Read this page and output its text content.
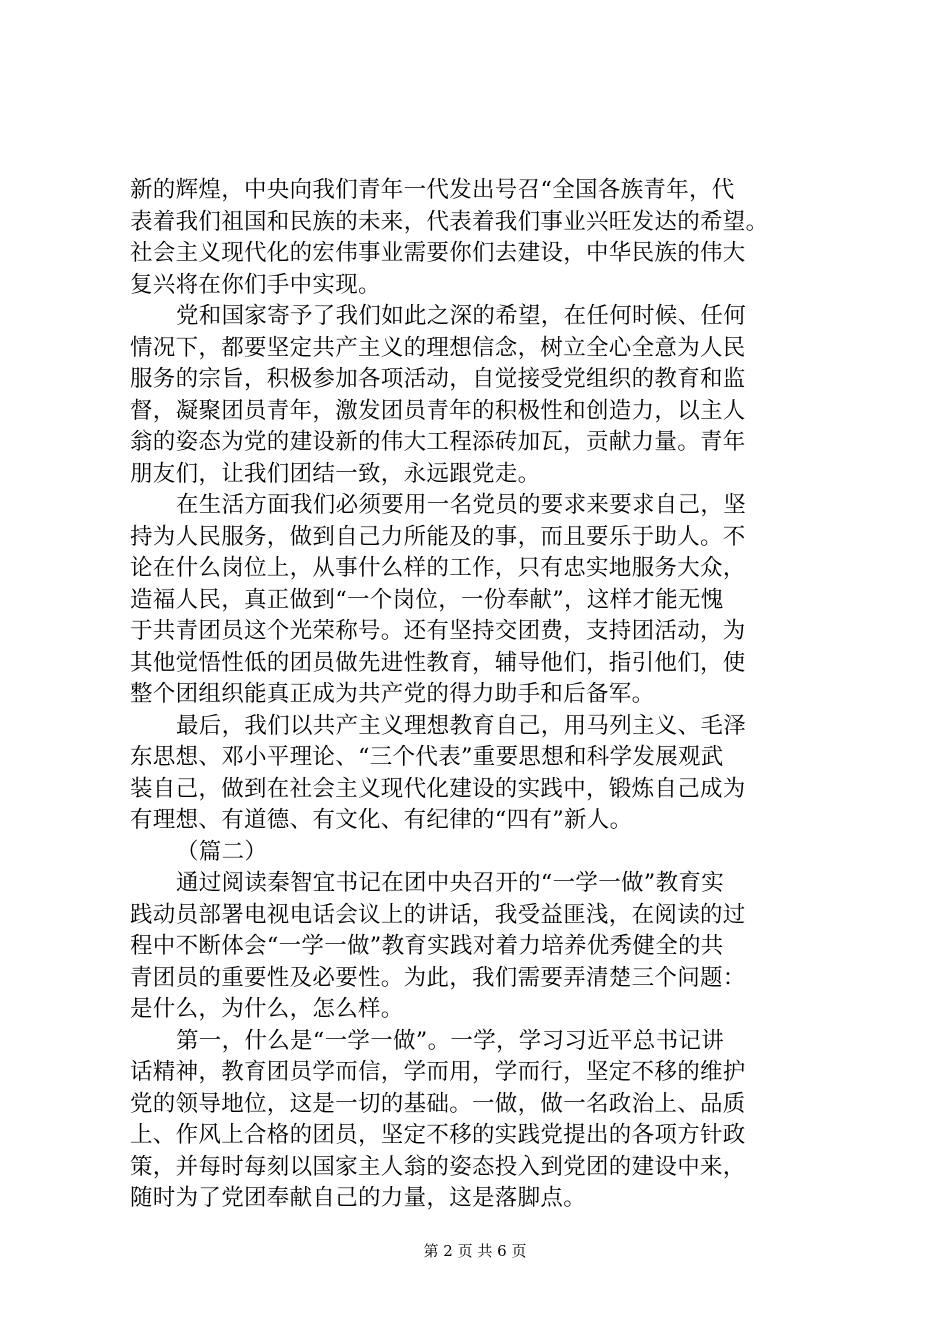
新的辉煌，中央向我们青年一代发出号召“全国各族青年，代
表着我们祖国和民族的未来，代表着我们事业兴旺发达的希望。
社会主义现代化的宏伟事业需要你们去建设，中华民族的伟大
复兴将在你们手中实现。
党和国家寄予了我们如此之深的希望，在任何时候、任何
情况下，都要坚定共产主义的理想信念，树立全心全意为人民
服务的宗旨，积极参加各项活动，自觉接受党组织的教育和监
督，凝聚团员青年，激发团员青年的积极性和创造力，以主人
翁的姿态为党的建设新的伟大工程添砖加瓦，贡献力量。青年
朋友们，让我们团结一致，永远跟党走。
在生活方面我们必须要用一名党员的要求来要求自己，坚
持为人民服务，做到自己力所能及的事，而且要乐于助人。不
论在什么岗位上，从事什么样的工作，只有忠实地服务大众，
造福人民，真正做到“一个岗位，一份奉献”，这样才能无愧
于共青团员这个光荣称号。还有坚持交团费，支持团活动，为
其他觉悟性低的团员做先进性教育，辅导他们，指引他们，使
整个团组织能真正成为共产党的得力助手和后备军。
最后，我们以共产主义理想教育自己，用马列主义、毛泽
东思想、邓小平理论、“三个代表”重要思想和科学发展观武
装自己，做到在社会主义现代化建设的实践中，锻炼自己成为
有理想、有道德、有文化、有纪律的“四有”新人。
（篇二）
通过阅读秦智宜书记在团中央召开的“一学一做”教育实
践动员部署电视电话会议上的讲话，我受益匪浅，在阅读的过
程中不断体会“一学一做”教育实践对着力培养优秀健全的共
青团员的重要性及必要性。为此，我们需要弄清楚三个问题：
是什么，为什么，怎么样。
第一，什么是“一学一做”。一学，学习习近平总书记讲
话精神，教育团员学而信，学而用，学而行，坚定不移的维护
党的领导地位，这是一切的基础。一做，做一名政治上、品质
上、作风上合格的团员，坚定不移的实践党提出的各项方针政
策，并每时每刻以国家主人翁的姿态投入到党团的建设中来，
随时为了党团奉献自己的力量，这是落脚点。
第 2 页 共 6 页
